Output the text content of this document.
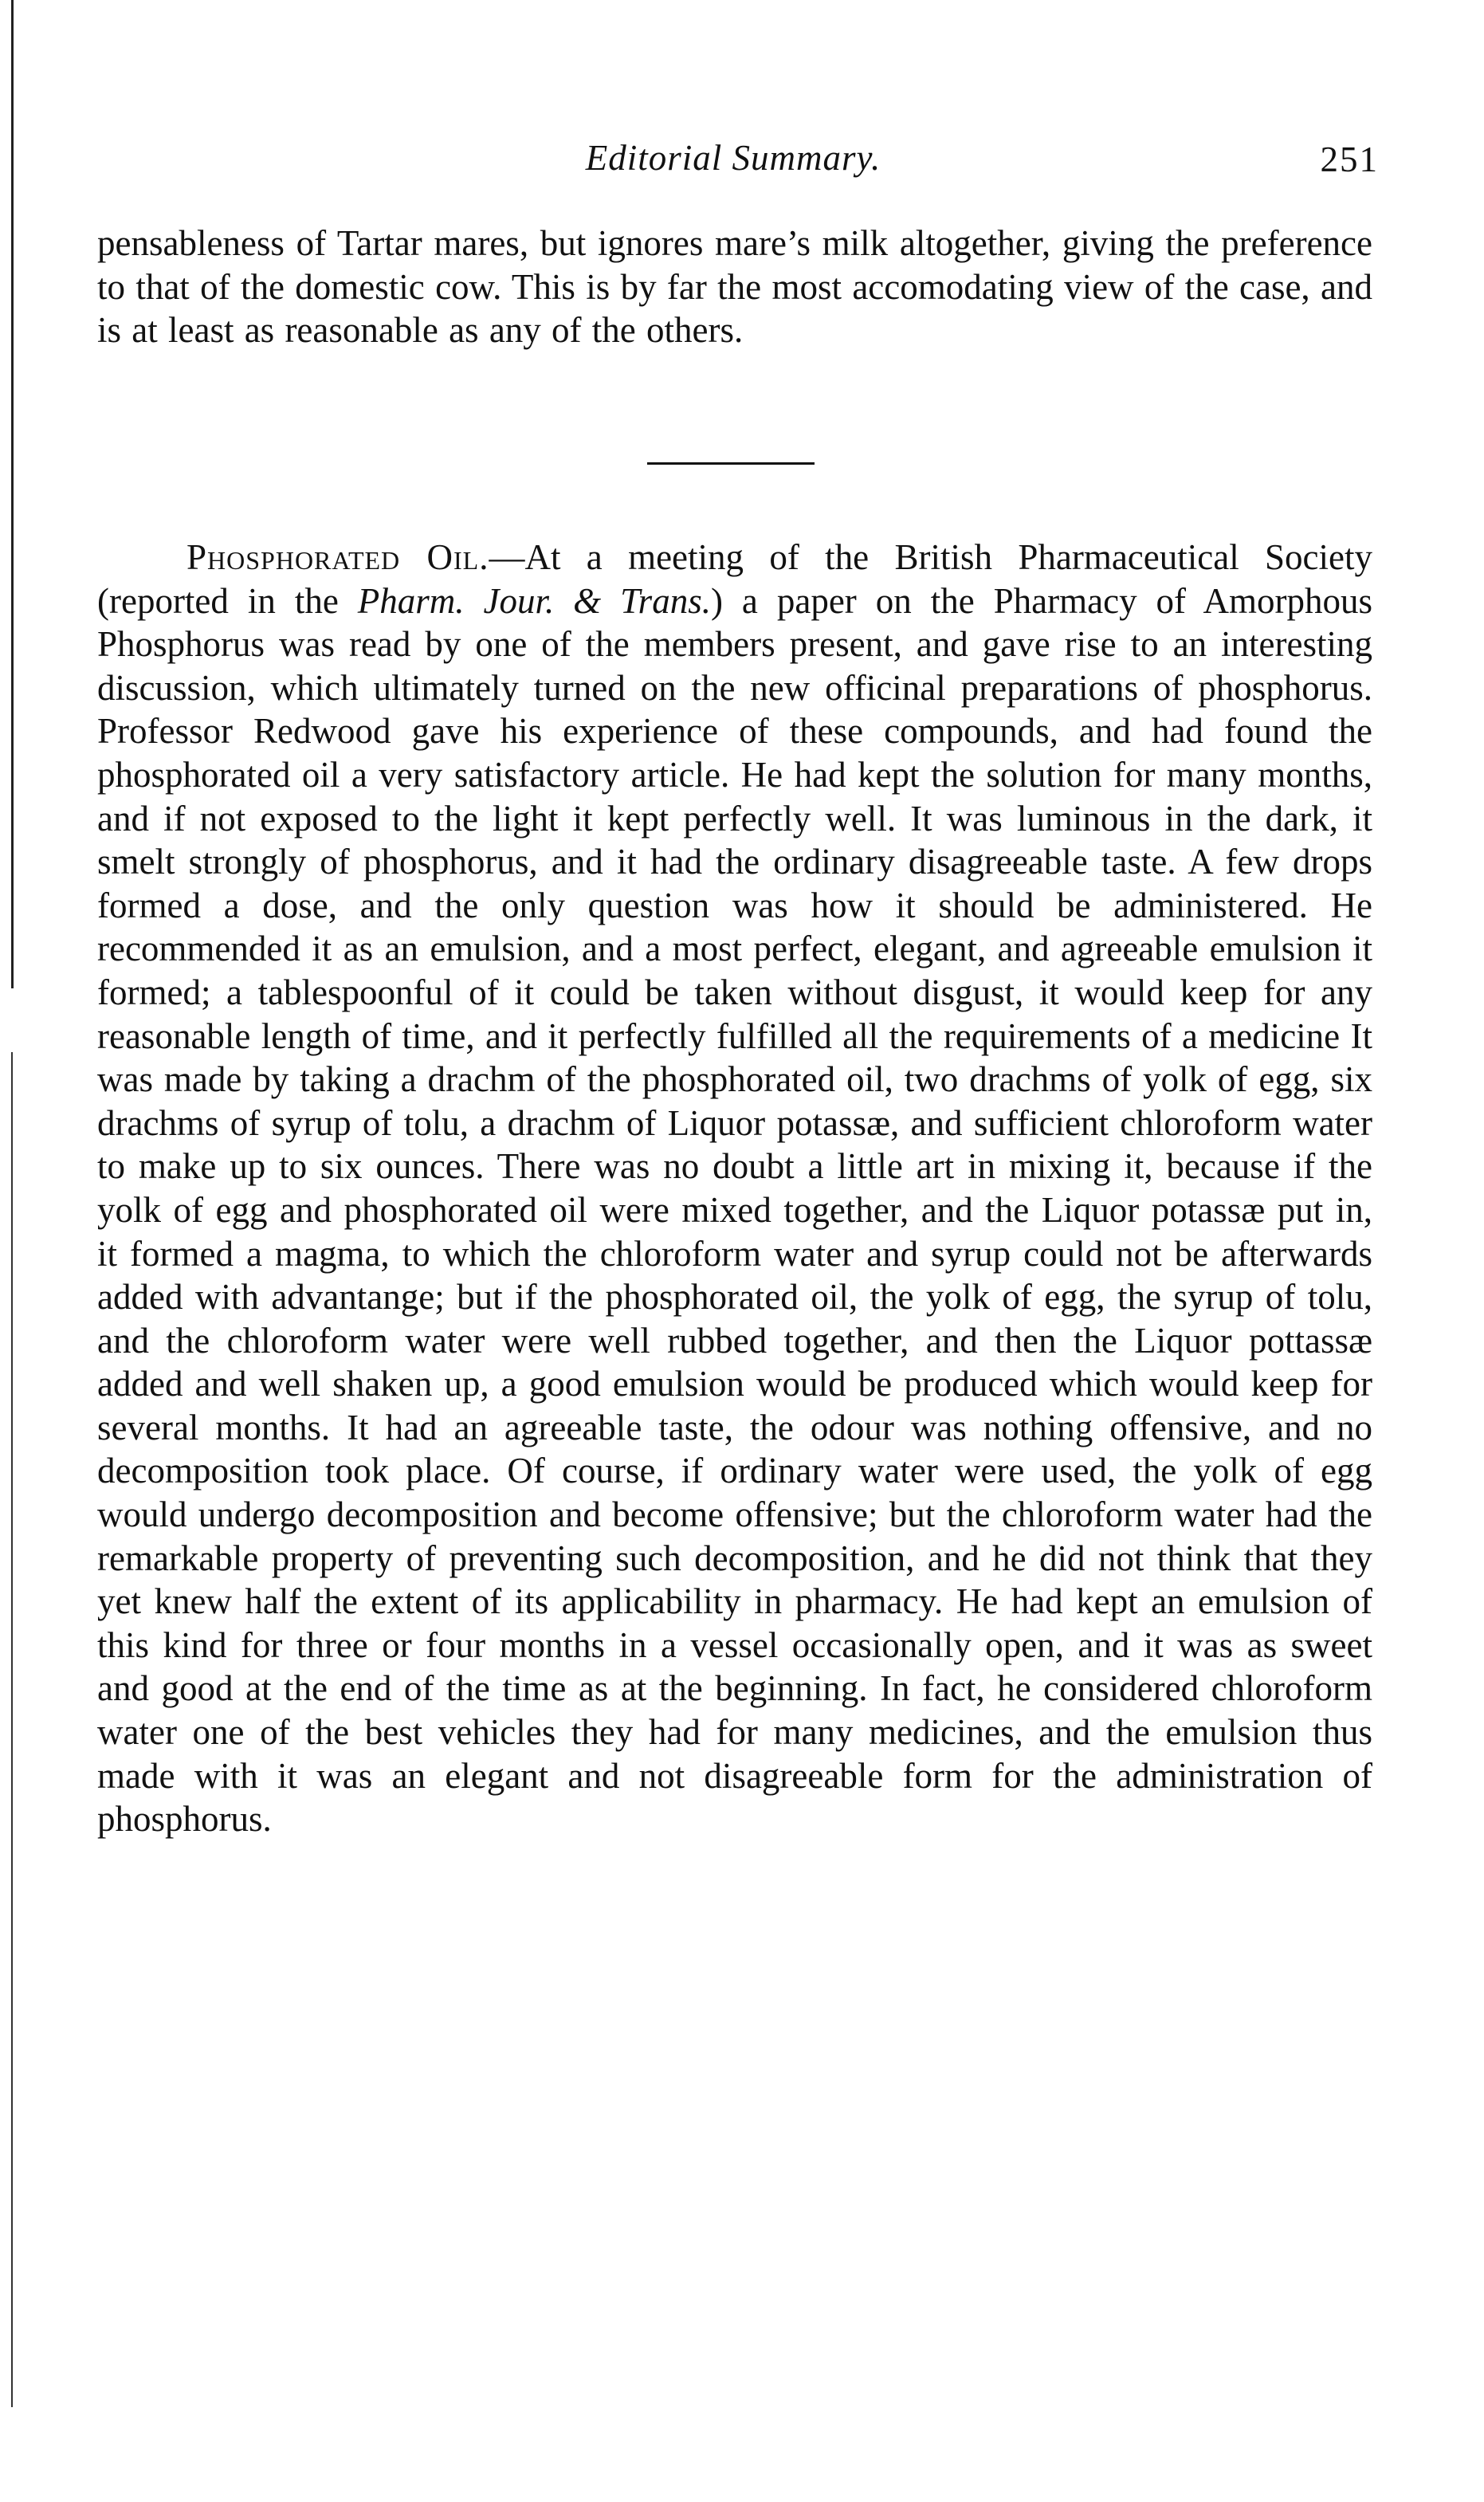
Editorial Summary.	251

pensableness of Tartar mares, but ignores mare’s milk altogether, giving the preference to that of the domestic cow. This is by far the most accomodating view of the case, and is at least as reasonable as any of the others.

Phosphorated Oil.—At a meeting of the British Pharmaceutical Society (reported in the Pharm. Jour. & Trans.) a paper on the Pharmacy of Amorphous Phosphorus was read by one of the members present, and gave rise to an interesting discussion, which ultimately turned on the new officinal preparations of phosphorus. Professor Redwood gave his experience of these compounds, and had found the phosphorated oil a very satisfactory article. He had kept the solution for many months, and if not exposed to the light it kept perfectly well. It was luminous in the dark, it smelt strongly of phosphorus, and it had the ordinary disagreeable taste. A few drops formed a dose, and the only question was how it should be administered. He recommended it as an emulsion, and a most perfect, elegant, and agreeable emulsion it formed; a tablespoonful of it could be taken without disgust, it would keep for any reasonable length of time, and it perfectly fulfilled all the requirements of a medicine It was made by taking a drachm of the phosphorated oil, two drachms of yolk of egg, six drachms of syrup of tolu, a drachm of Liquor potassæ, and sufficient chloroform water to make up to six ounces. There was no doubt a little art in mixing it, because if the yolk of egg and phosphorated oil were mixed together, and the Liquor potassæ put in, it formed a magma, to which the chloroform water and syrup could not be afterwards added with advantange; but if the phosphorated oil, the yolk of egg, the syrup of tolu, and the chloroform water were well rubbed together, and then the Liquor pottassæ added and well shaken up, a good emulsion would be produced which would keep for several months. It had an agreeable taste, the odour was nothing offensive, and no decomposition took place. Of course, if ordinary water were used, the yolk of egg would undergo decomposition and become offensive; but the chloroform water had the remarkable property of preventing such decomposition, and he did not think that they yet knew half the extent of its applicability in pharmacy. He had kept an emulsion of this kind for three or four months in a vessel occasionally open, and it was as sweet and good at the end of the time as at the beginning. In fact, he considered chloroform water one of the best vehicles they had for many medicines, and the emulsion thus made with it was an elegant and not disagreeable form for the administration of phosphorus.
